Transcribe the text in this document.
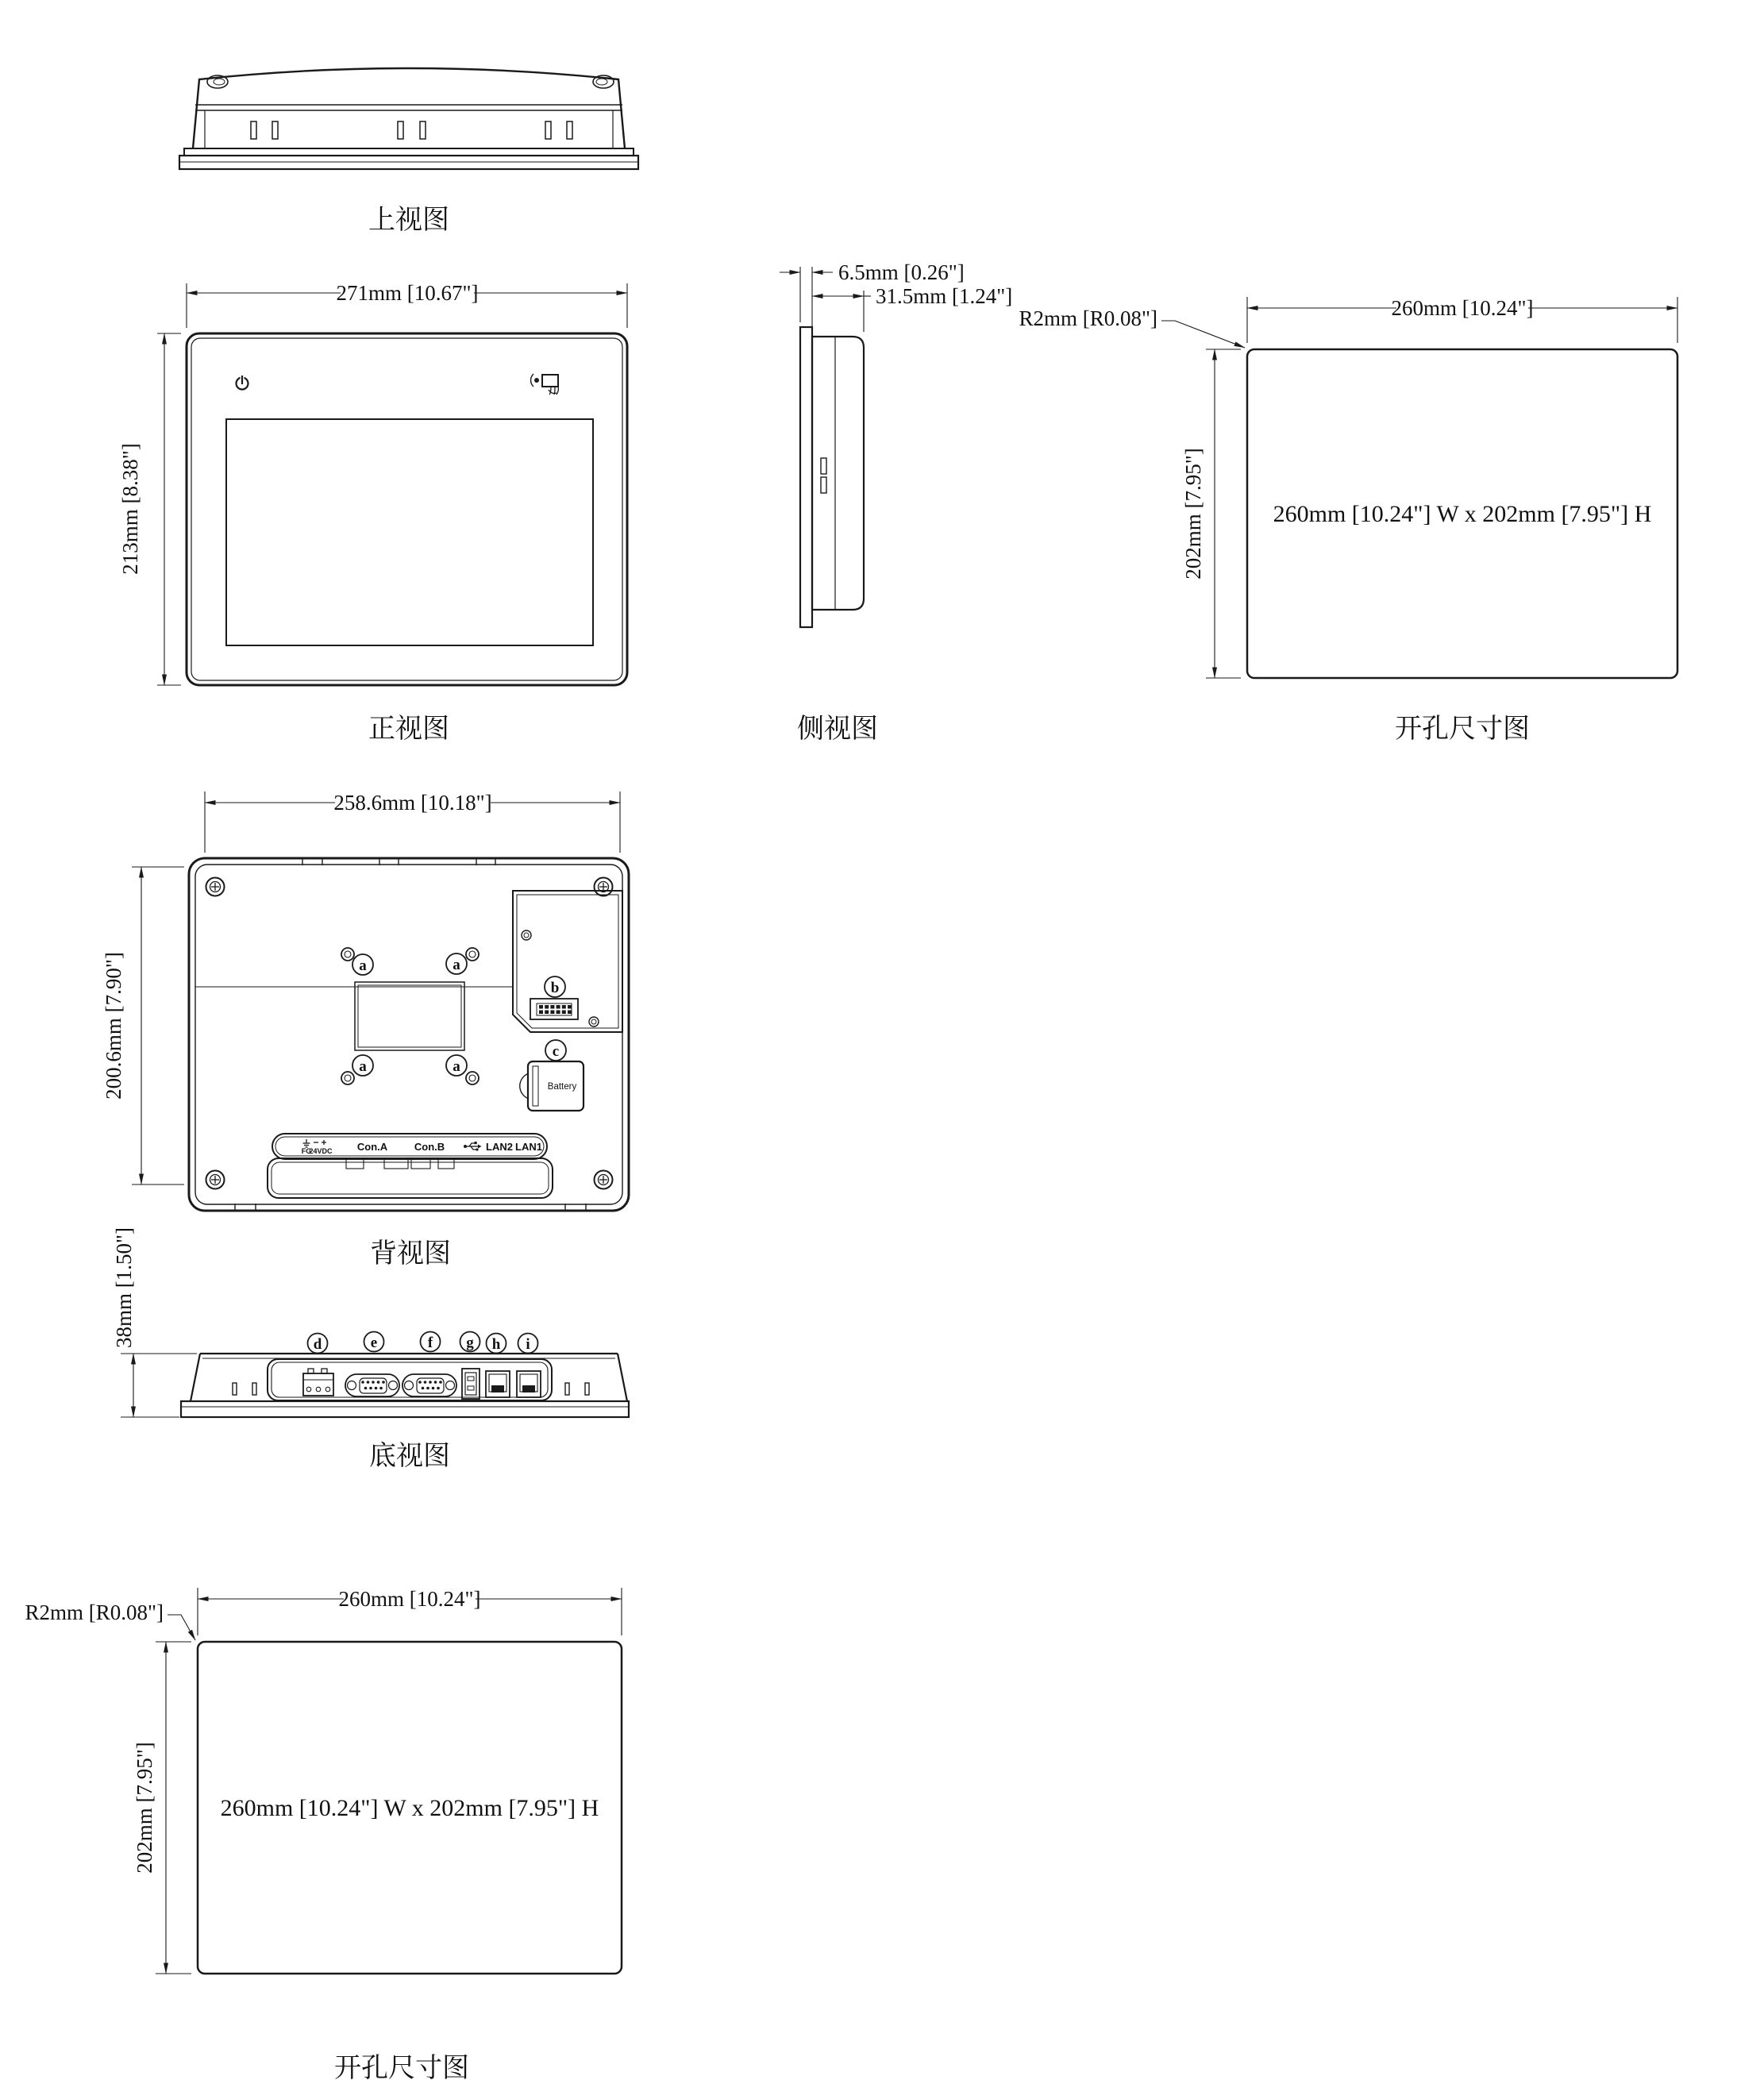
上视图
271mm [10.67"]
213mm [8.38"]
正视图
6.5mm [0.26"]
31.5mm [1.24"]
侧视图
260mm [10.24"]
R2mm [R0.08"]
202mm [7.95"]	260mm [10.24"] W x 202mm [7.95"] H
开孔尺寸图
a	a
a	a
b
c
Battery
FG
24VDC Con.A	Con.B	LAN2 LAN1
258.6mm [10.18"]
200.6mm [7.90"]
背视图
d	e	f g h i
38mm [1.50"]
底视图
260mm [10.24"]
R2mm [R0.08"]
202mm [7.95"]	260mm [10.24"] W x 202mm [7.95"] H
开孔尺寸图
